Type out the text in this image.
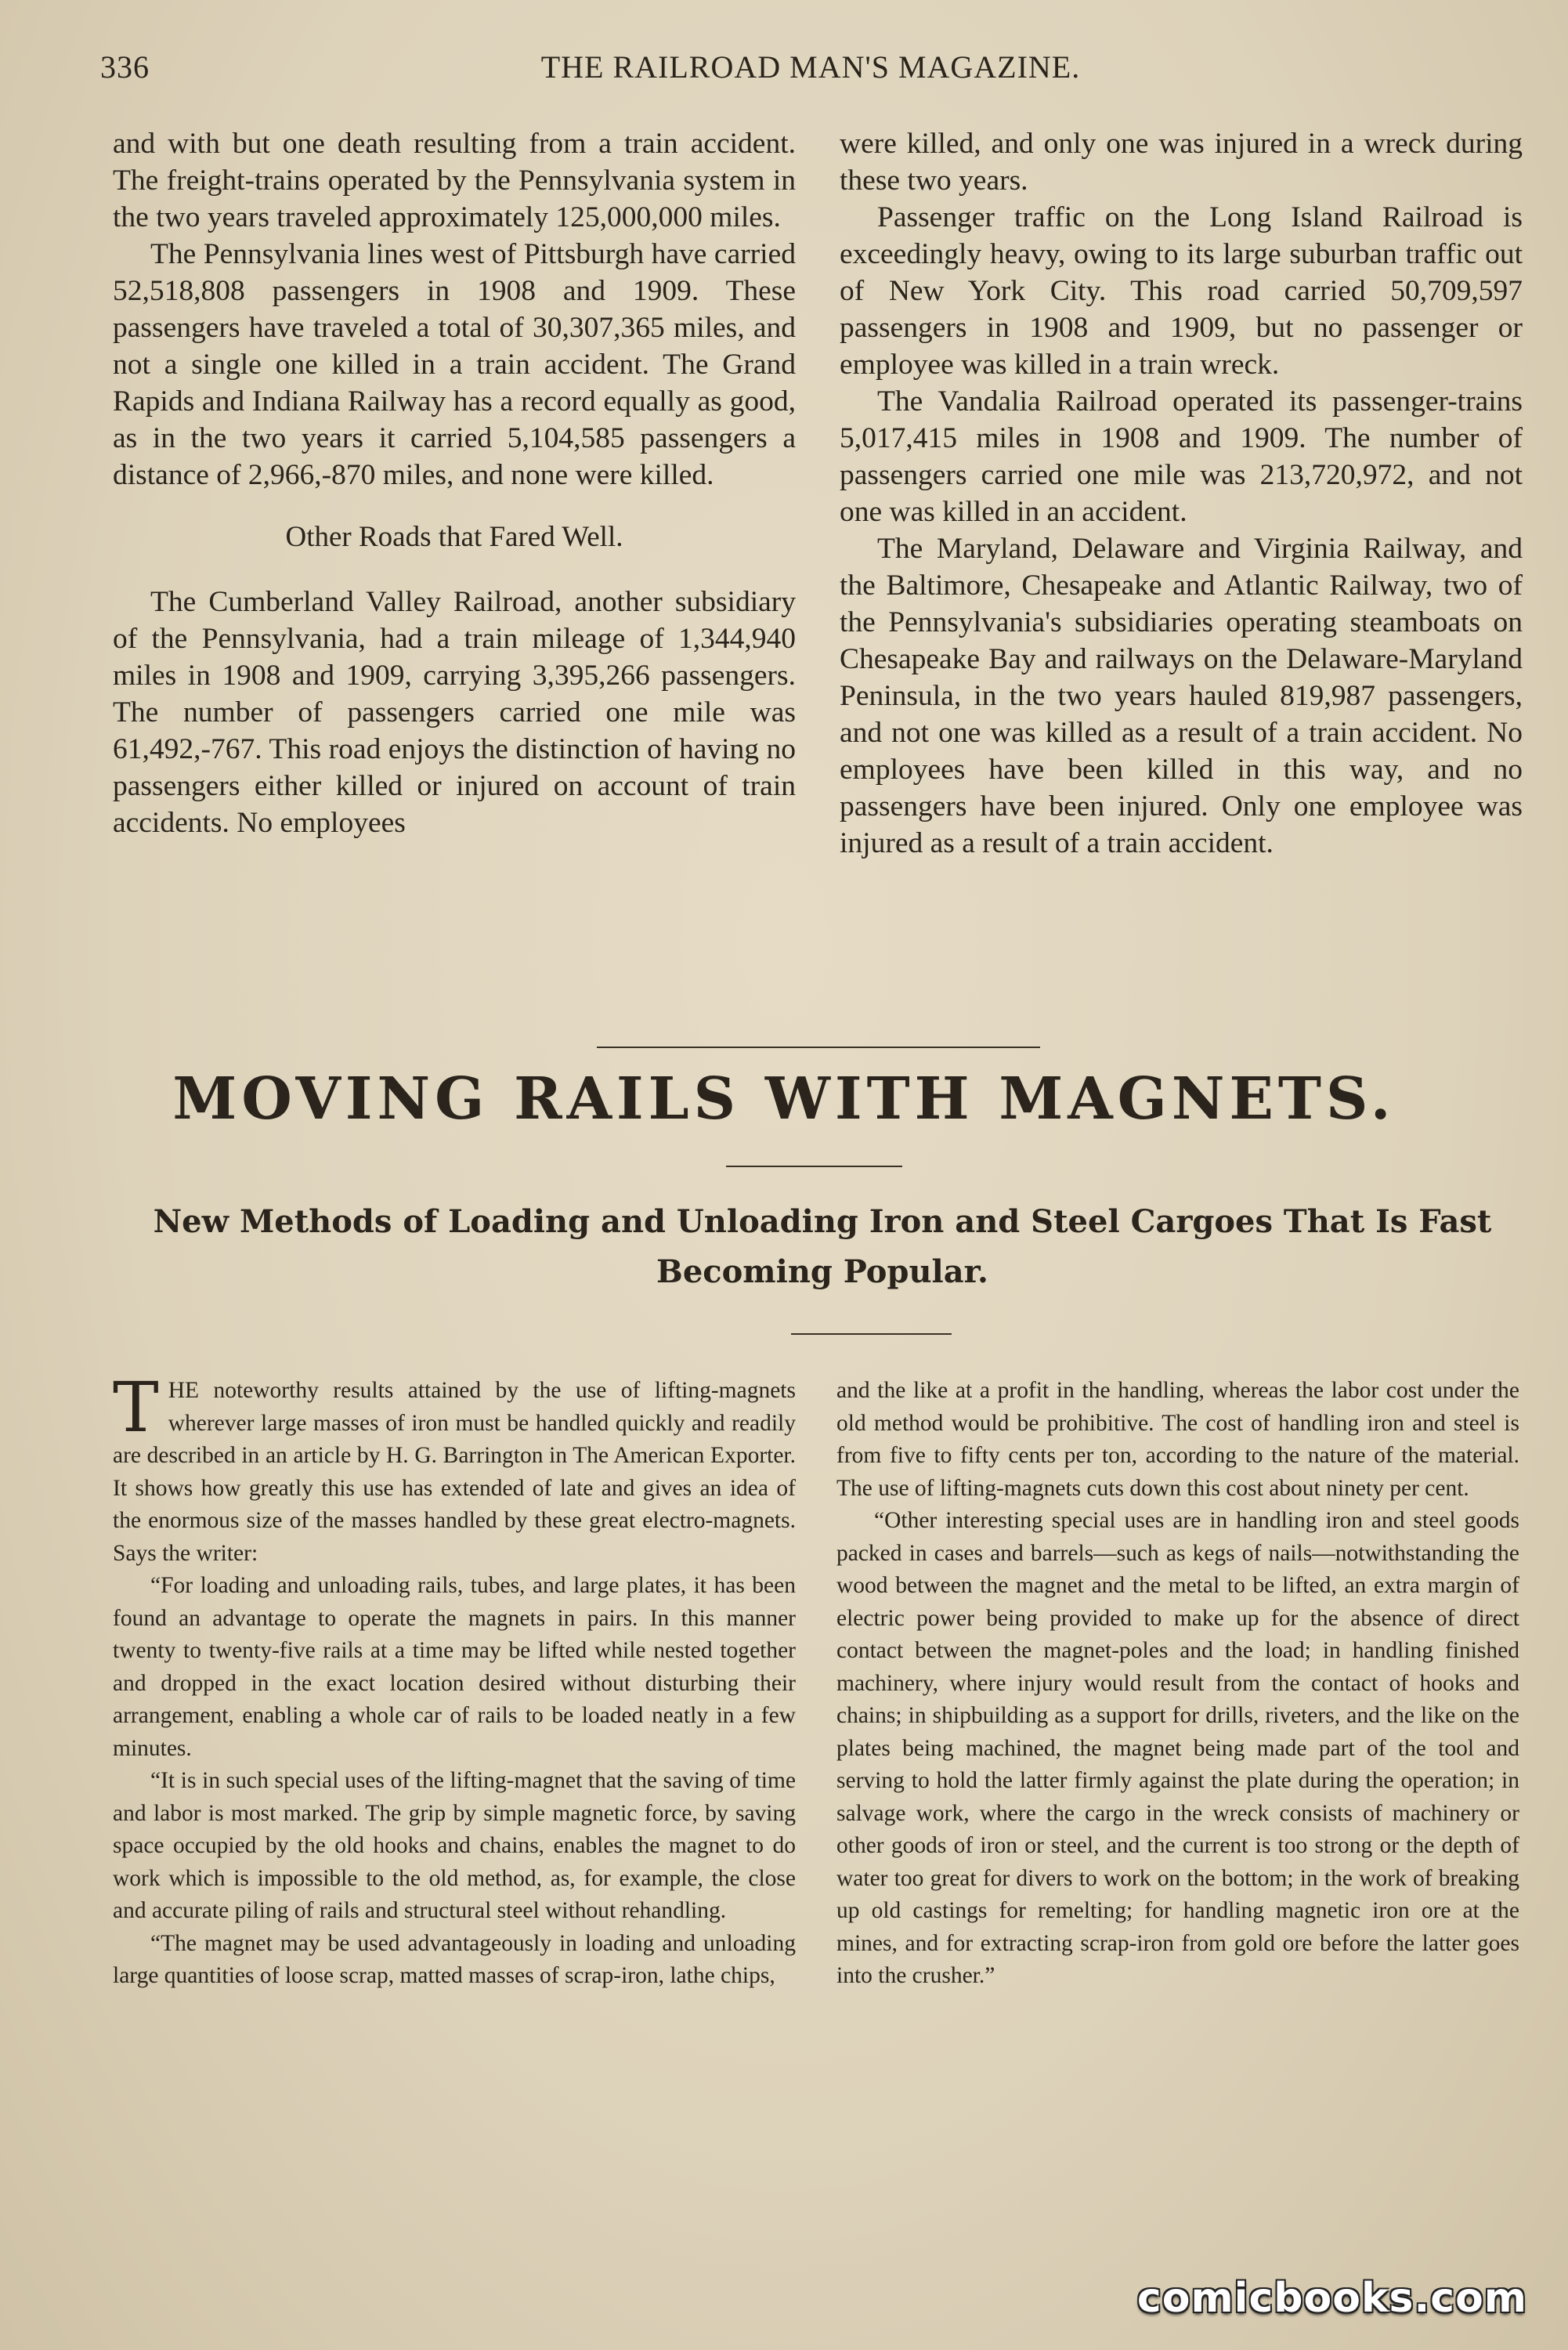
336	THE RAILROAD MAN'S MAGAZINE.

and with but one death resulting from a train accident. The freight-trains operated by the Pennsylvania system in the two years traveled approximately 125,000,000 miles.

The Pennsylvania lines west of Pittsburgh have carried 52,518,808 passengers in 1908 and 1909. These passengers have traveled a total of 30,307,365 miles, and not a single one killed in a train accident. The Grand Rapids and Indiana Railway has a record equally as good, as in the two years it carried 5,104,585 passengers a distance of 2,966,-870 miles, and none were killed.

Other Roads that Fared Well.

The Cumberland Valley Railroad, another subsidiary of the Pennsylvania, had a train mileage of 1,344,940 miles in 1908 and 1909, carrying 3,395,266 passengers. The number of passengers carried one mile was 61,492,-767. This road enjoys the distinction of having no passengers either killed or injured on account of train accidents. No employees

were killed, and only one was injured in a wreck during these two years.

Passenger traffic on the Long Island Railroad is exceedingly heavy, owing to its large suburban traffic out of New York City. This road carried 50,709,597 passengers in 1908 and 1909, but no passenger or employee was killed in a train wreck.

The Vandalia Railroad operated its passenger-trains 5,017,415 miles in 1908 and 1909. The number of passengers carried one mile was 213,720,972, and not one was killed in an accident.

The Maryland, Delaware and Virginia Railway, and the Baltimore, Chesapeake and Atlantic Railway, two of the Pennsylvania's subsidiaries operating steamboats on Chesapeake Bay and railways on the Delaware-Maryland Peninsula, in the two years hauled 819,987 passengers, and not one was killed as a result of a train accident. No employees have been killed in this way, and no passengers have been injured. Only one employee was injured as a result of a train accident.

MOVING RAILS WITH MAGNETS.
New Methods of Loading and Unloading Iron and Steel Cargoes That Is Fast Becoming Popular.

THE noteworthy results attained by the use of lifting-magnets wherever large masses of iron must be handled quickly and readily are described in an article by H. G. Barrington in The American Exporter. It shows how greatly this use has extended of late and gives an idea of the enormous size of the masses handled by these great electro-magnets. Says the writer:

“For loading and unloading rails, tubes, and large plates, it has been found an advantage to operate the magnets in pairs. In this manner twenty to twenty-five rails at a time may be lifted while nested together and dropped in the exact location desired without disturbing their arrangement, enabling a whole car of rails to be loaded neatly in a few minutes.

“It is in such special uses of the lifting-magnet that the saving of time and labor is most marked. The grip by simple magnetic force, by saving space occupied by the old hooks and chains, enables the magnet to do work which is impossible to the old method, as, for example, the close and accurate piling of rails and structural steel without rehandling.

“The magnet may be used advantageously in loading and unloading large quantities of loose scrap, matted masses of scrap-iron, lathe chips,

and the like at a profit in the handling, whereas the labor cost under the old method would be prohibitive. The cost of handling iron and steel is from five to fifty cents per ton, according to the nature of the material. The use of lifting-magnets cuts down this cost about ninety per cent.

“Other interesting special uses are in handling iron and steel goods packed in cases and barrels—such as kegs of nails—notwithstanding the wood between the magnet and the metal to be lifted, an extra margin of electric power being provided to make up for the absence of direct contact between the magnet-poles and the load; in handling finished machinery, where injury would result from the contact of hooks and chains; in shipbuilding as a support for drills, riveters, and the like on the plates being machined, the magnet being made part of the tool and serving to hold the latter firmly against the plate during the operation; in salvage work, where the cargo in the wreck consists of machinery or other goods of iron or steel, and the current is too strong or the depth of water too great for divers to work on the bottom; in the work of breaking up old castings for remelting; for handling magnetic iron ore at the mines, and for extracting scrap-iron from gold ore before the latter goes into the crusher.”

comicbooks.com
